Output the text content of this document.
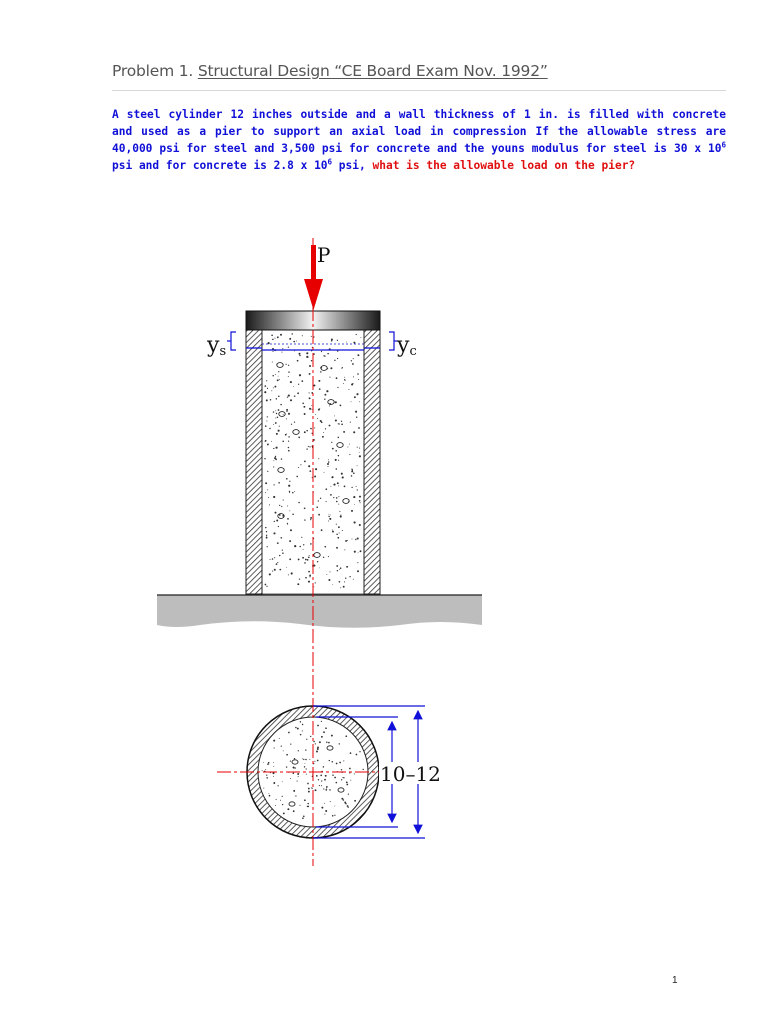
Problem 1. Structural Design “CE Board Exam Nov. 1992”
A steel cylinder 12 inches outside and a wall thickness of 1 in. is filled with concrete and used as a pier to support an axial load in compression If the allowable stress are 40,000 psi for steel and 3,500 psi for concrete and the youns modulus for steel is 30 x $10^6$ psi and for concrete is 2.8 x $10^6$ psi, what is the allowable load on the pier?
ys	yc
P
10–12
1
